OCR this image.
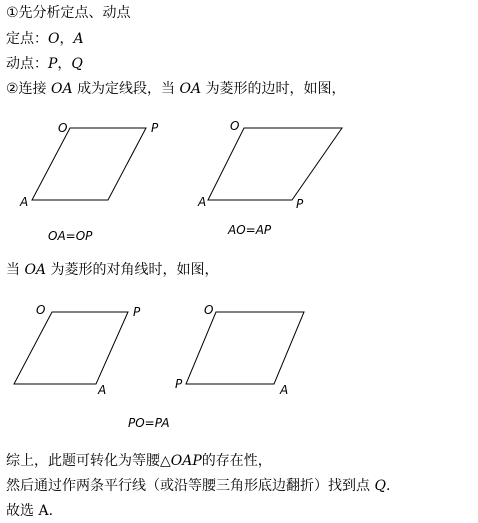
①先分析定点、动点
定点：O，A
动点：P，Q
②连接 OA 成为定线段，当 OA 为菱形的边时，如图，
当 OA 为菱形的对角线时，如图，
综上，此题可转化为等腰△OAP的存在性，
然后通过作两条平行线（或沿等腰三角形底边翻折）找到点 Q.
故选 A.
O	P
A
OA=OP
O
A	P
AO=AP
O	P
A
O
P	A
PO=PA
